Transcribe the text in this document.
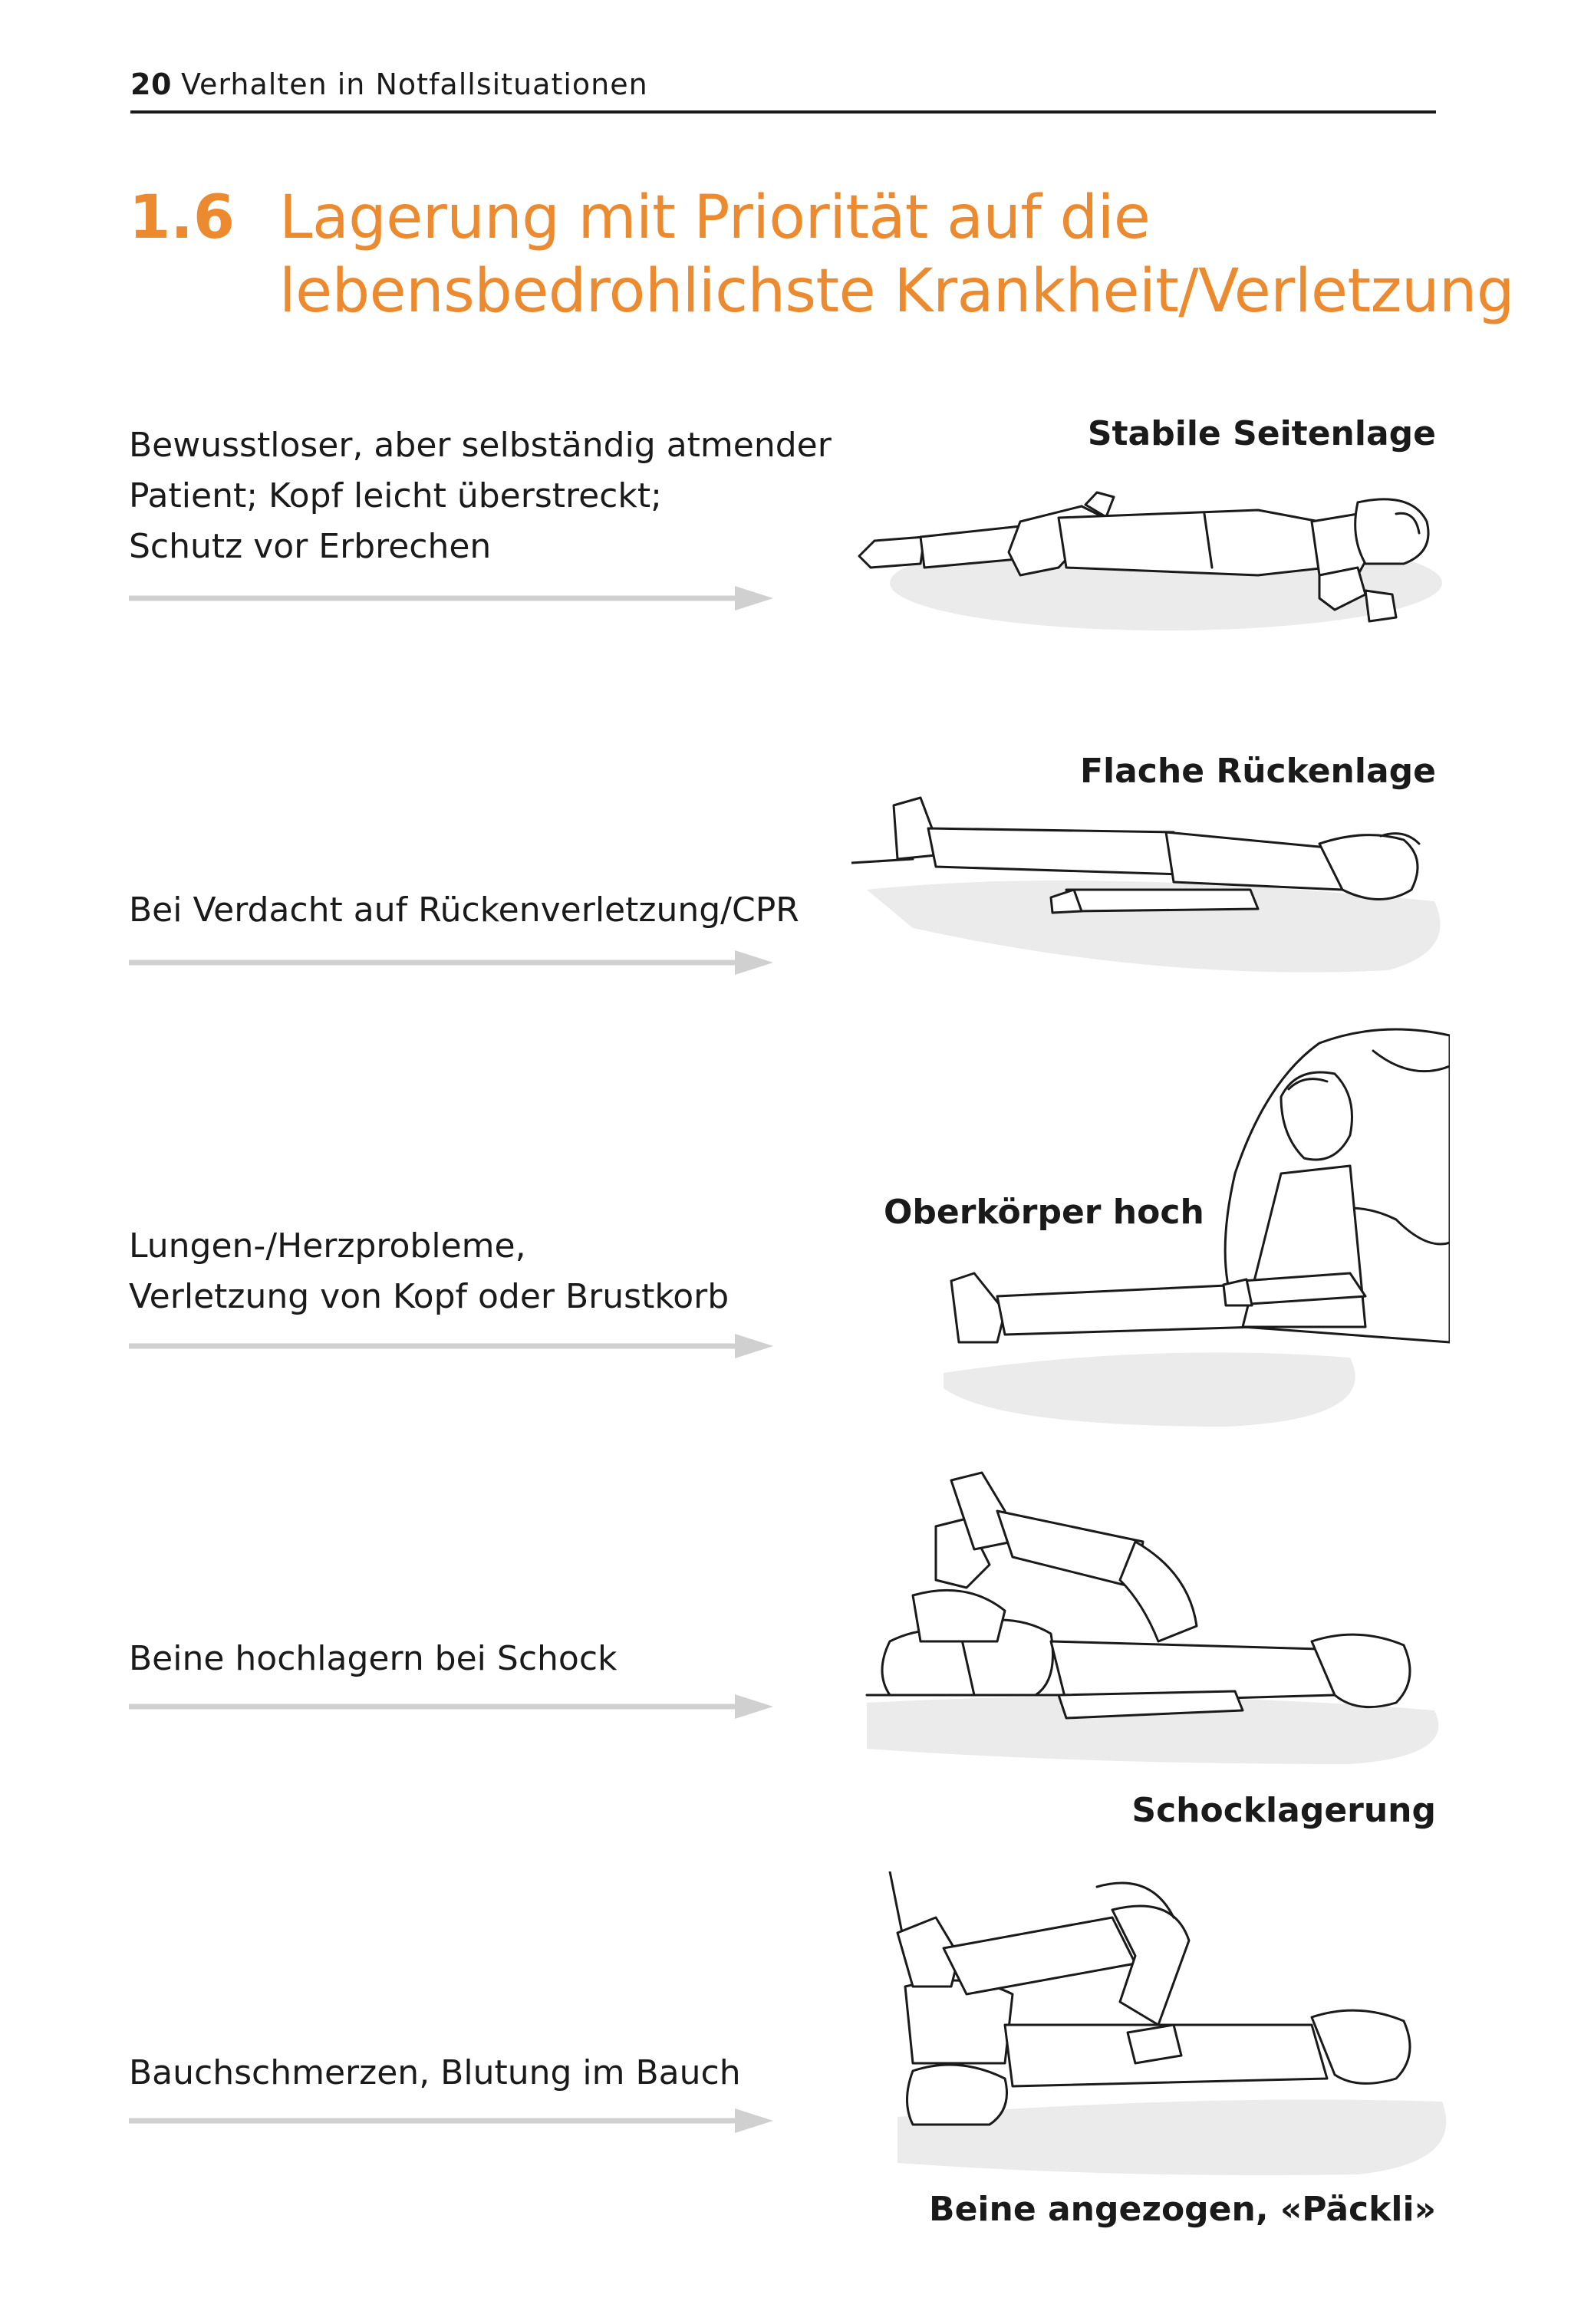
20 Verhalten in Notfallsituationen
1.6 Lagerung mit Priorität auf die
lebensbedrohlichste Krankheit/Verletzung
Bewusstloser, aber selbständig atmender
Patient; Kopf leicht überstreckt;
Schutz vor Erbrechen
Stabile Seitenlage
Bei Verdacht auf Rückenverletzung/CPR
Flache Rückenlage
Lungen-/Herzprobleme,
Verletzung von Kopf oder Brustkorb
Oberkörper hoch
Beine hochlagern bei Schock
Schocklagerung
Bauchschmerzen, Blutung im Bauch
Beine angezogen, «Päckli»
